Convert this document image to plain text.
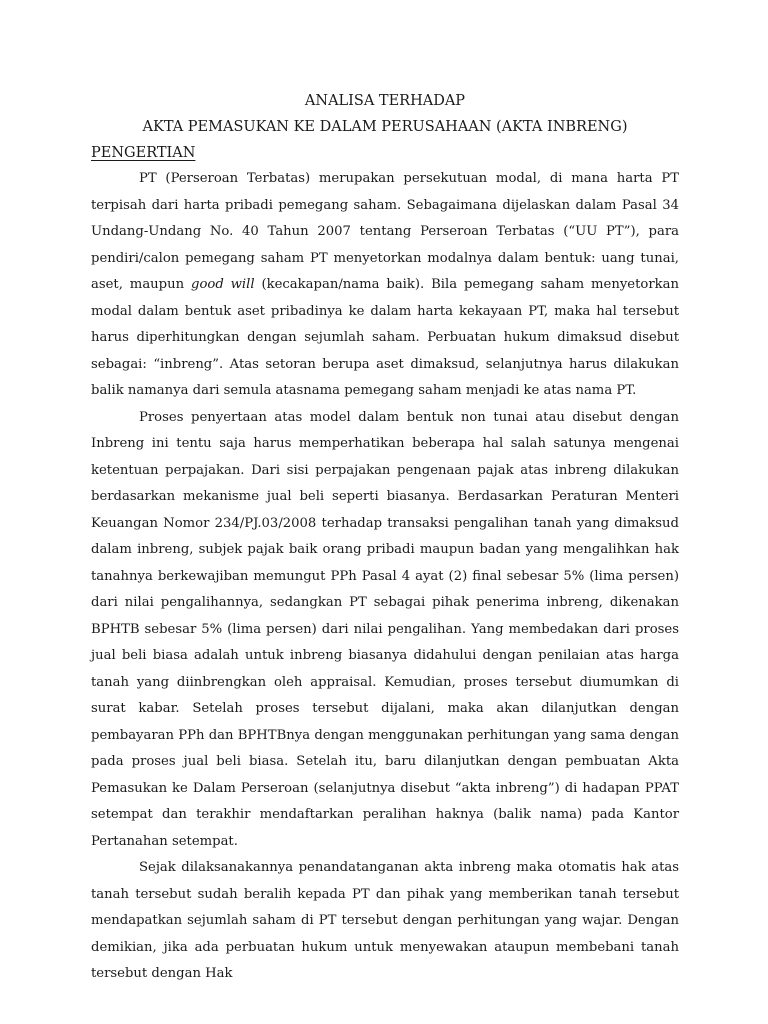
ANALISA TERHADAP

AKTA PEMASUKAN KE DALAM PERUSAHAAN (AKTA INBRENG)

PENGERTIAN

PT (Perseroan Terbatas) merupakan persekutuan modal, di mana harta PT terpisah dari harta pribadi pemegang saham. Sebagaimana dijelaskan dalam Pasal 34 Undang-Undang No. 40 Tahun 2007 tentang Perseroan Terbatas (“UU PT”), para pendiri/calon pemegang saham PT menyetorkan modalnya dalam bentuk: uang tunai, aset, maupun good will (kecakapan/nama baik). Bila pemegang saham menyetorkan modal dalam bentuk aset pribadinya ke dalam harta kekayaan PT, maka hal tersebut harus diperhitungkan dengan sejumlah saham. Perbuatan hukum dimaksud disebut sebagai: “inbreng”. Atas setoran berupa aset dimaksud, selanjutnya harus dilakukan balik namanya dari semula atasnama pemegang saham menjadi ke atas nama PT.

Proses penyertaan atas model dalam bentuk non tunai atau disebut dengan Inbreng ini tentu saja harus memperhatikan beberapa hal salah satunya mengenai ketentuan perpajakan. Dari sisi perpajakan pengenaan pajak atas inbreng dilakukan berdasarkan mekanisme jual beli seperti biasanya. Berdasarkan Peraturan Menteri Keuangan Nomor 234/PJ.03/2008 terhadap transaksi pengalihan tanah yang dimaksud dalam inbreng, subjek pajak baik orang pribadi maupun badan yang mengalihkan hak tanahnya berkewajiban memungut PPh Pasal 4 ayat (2) final sebesar 5% (lima persen) dari nilai pengalihannya, sedangkan PT sebagai pihak penerima inbreng, dikenakan BPHTB sebesar 5% (lima persen) dari nilai pengalihan. Yang membedakan dari proses jual beli biasa adalah untuk inbreng biasanya didahului dengan penilaian atas harga tanah yang diinbrengkan oleh appraisal. Kemudian, proses tersebut diumumkan di surat kabar. Setelah proses tersebut dijalani, maka akan dilanjutkan dengan pembayaran PPh dan BPHTBnya dengan menggunakan perhitungan yang sama dengan pada proses jual beli biasa. Setelah itu, baru dilanjutkan dengan pembuatan Akta Pemasukan ke Dalam Perseroan (selanjutnya disebut “akta inbreng”) di hadapan PPAT setempat dan terakhir mendaftarkan peralihan haknya (balik nama) pada Kantor Pertanahan setempat.

Sejak dilaksanakannya penandatanganan akta inbreng maka otomatis hak atas tanah tersebut sudah beralih kepada PT dan pihak yang memberikan tanah tersebut mendapatkan sejumlah saham di PT tersebut dengan perhitungan yang wajar. Dengan demikian, jika ada perbuatan hukum untuk menyewakan ataupun membebani tanah tersebut dengan Hak
